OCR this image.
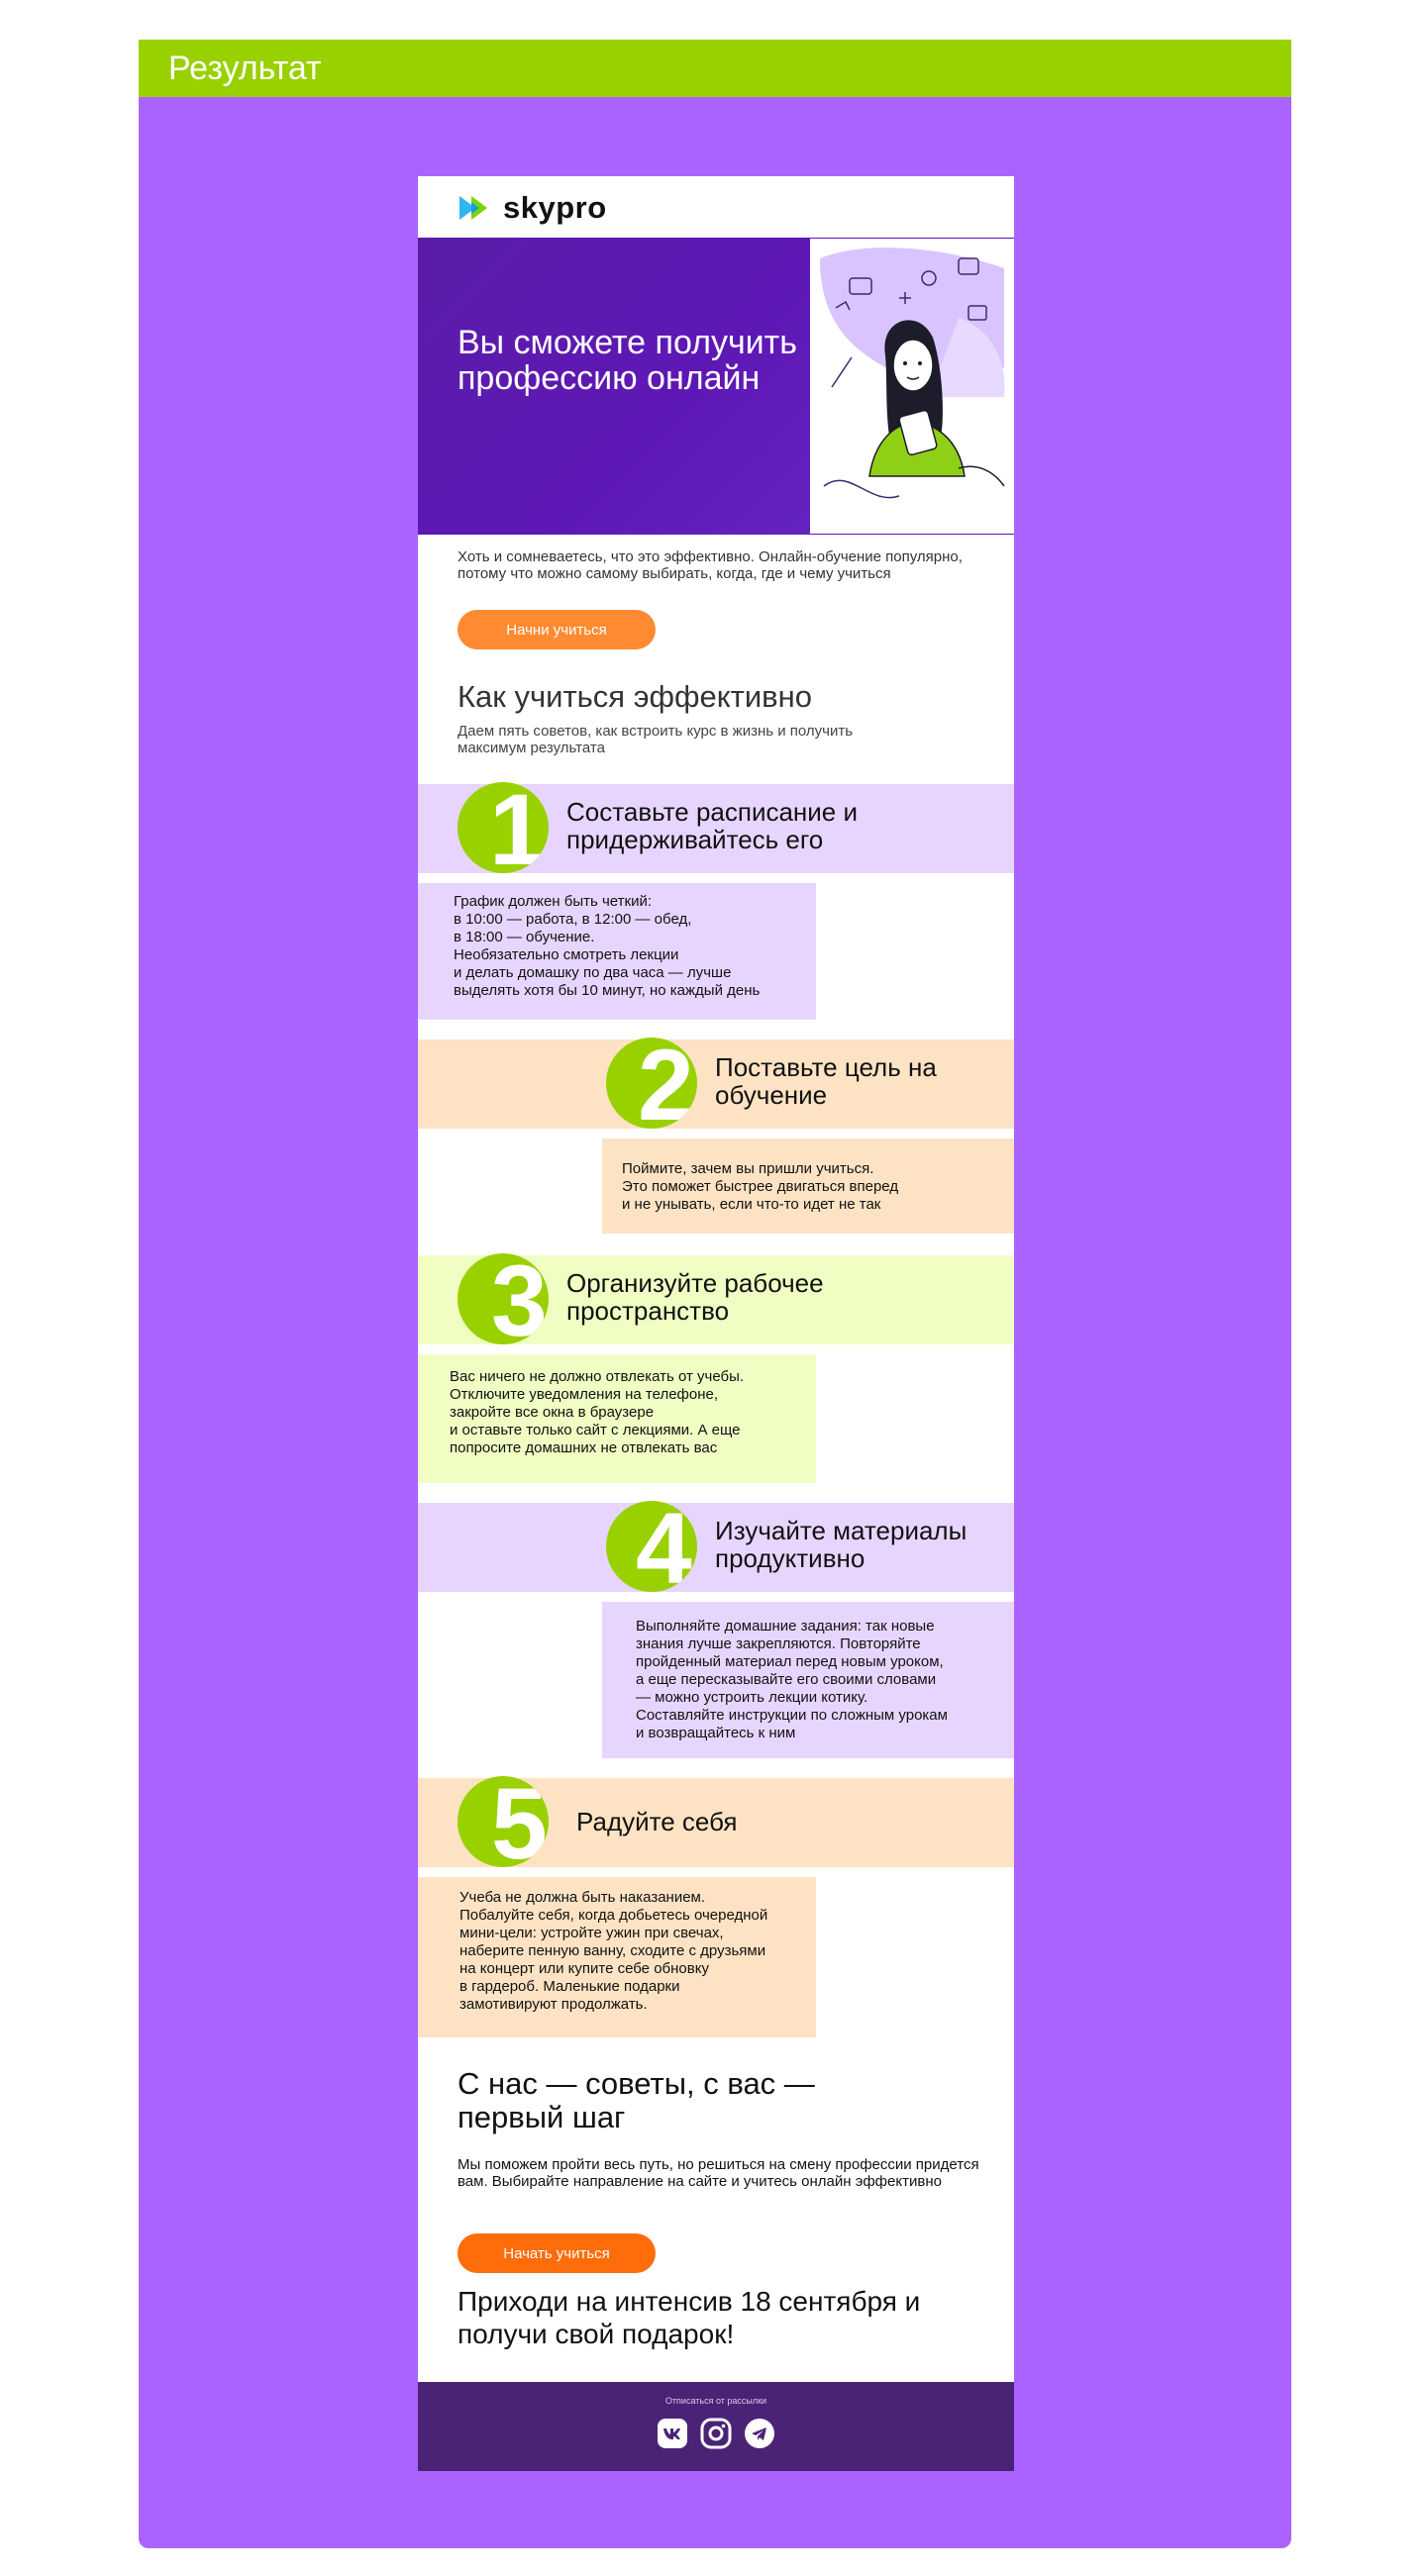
Результат
skypro
Вы сможете получить профессию онлайн
Хоть и сомневаетесь, что это эффективно. Онлайн-обучение популярно, потому что можно самому выбирать, когда, где и чему учиться
Начни учиться
Как учиться эффективно
Даем пять советов, как встроить курс в жизнь и получить максимум результата
1 Составьте расписание и придерживайтесь его
График должен быть четкий:
в 10:00 — работа, в 12:00 — обед,
в 18:00 — обучение.
Необязательно смотреть лекции
и делать домашку по два часа — лучше
выделять хотя бы 10 минут, но каждый день
2 Поставьте цель на обучение
Поймите, зачем вы пришли учиться.
Это поможет быстрее двигаться вперед
и не унывать, если что-то идет не так
3 Организуйте рабочее пространство
Вас ничего не должно отвлекать от учебы.
Отключите уведомления на телефоне,
закройте все окна в браузере
и оставьте только сайт с лекциями. А еще
попросите домашних не отвлекать вас
4 Изучайте материалы продуктивно
Выполняйте домашние задания: так новые
знания лучше закрепляются. Повторяйте
пройденный материал перед новым уроком,
а еще пересказывайте его своими словами
— можно устроить лекции котику.
Составляйте инструкции по сложным урокам
и возвращайтесь к ним
5 Радуйте себя
Учеба не должна быть наказанием.
Побалуйте себя, когда добьетесь очередной
мини-цели: устройте ужин при свечах,
наберите пенную ванну, сходите с друзьями
на концерт или купите себе обновку
в гардероб. Маленькие подарки
замотивируют продолжать.
С нас — советы, с вас — первый шаг
Мы поможем пройти весь путь, но решиться на смену профессии придется вам. Выбирайте направление на сайте и учитесь онлайн эффективно
Начать учиться
Приходи на интенсив 18 сентября и получи свой подарок!
Отписаться от рассылки
